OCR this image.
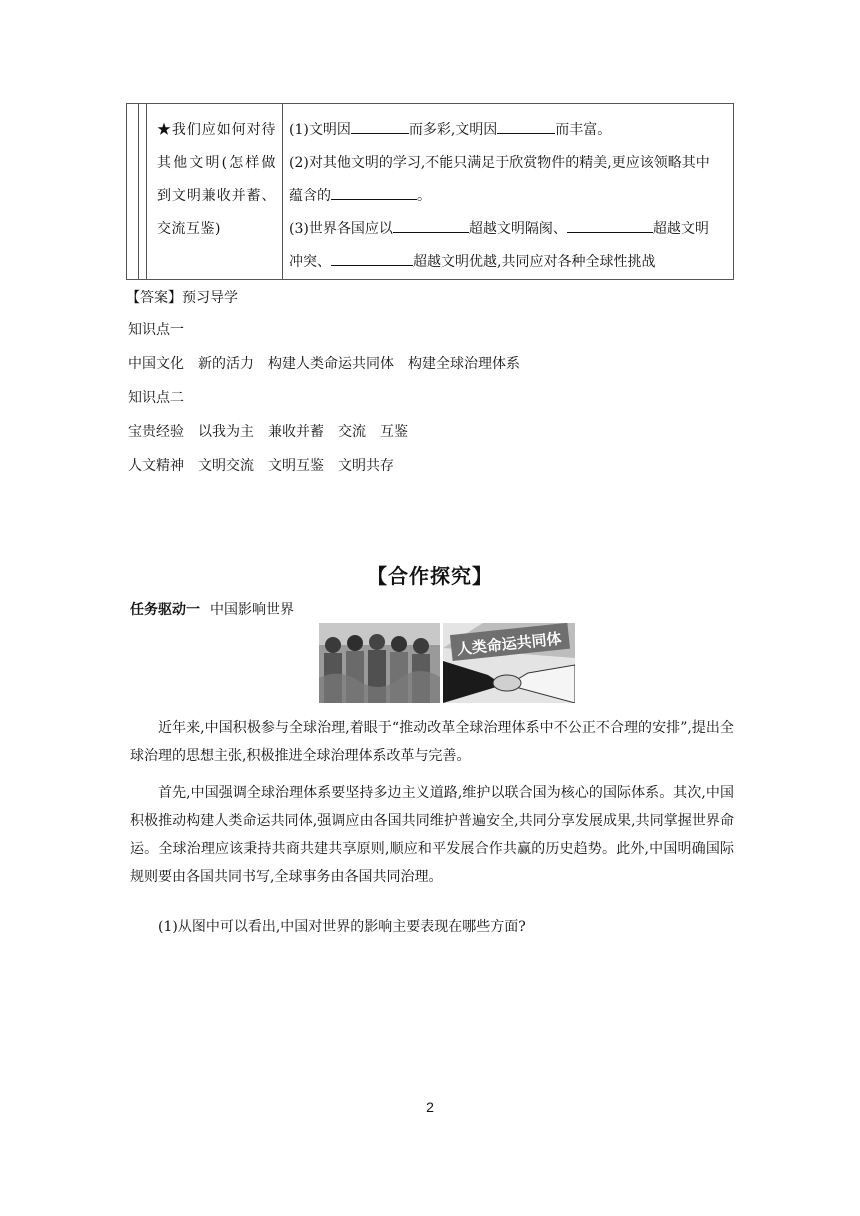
	★我们应如何对待其他文明(怎样做到文明兼收并蓄、交流互鉴)	
(1)文明因	而多彩,文明因	而丰富。
(2)对其他文明的学习,不能只满足于欣赏物件的精美,更应该领略其中
蕴含的	。
(3)世界各国应以	超越文明隔阂、	超越文明
冲突、	超越文明优越,共同应对各种全球性挑战
【答案】预习导学
知识点一
中国文化 新的活力 构建人类命运共同体 构建全球治理体系
知识点二
宝贵经验 以我为主 兼收并蓄 交流 互鉴
人文精神 文明交流 文明互鉴 文明共存
【合作探究】
任务驱动一 中国影响世界
人类命运共同体
近年来,中国积极参与全球治理,着眼于“推动改革全球治理体系中不公正不合理的安排”,提出全球治理的思想主张,积极推进全球治理体系改革与完善。
首先,中国强调全球治理体系要坚持多边主义道路,维护以联合国为核心的国际体系。其次,中国积极推动构建人类命运共同体,强调应由各国共同维护普遍安全,共同分享发展成果,共同掌握世界命运。全球治理应该秉持共商共建共享原则,顺应和平发展合作共赢的历史趋势。此外,中国明确国际规则要由各国共同书写,全球事务由各国共同治理。
(1)从图中可以看出,中国对世界的影响主要表现在哪些方面?
2
